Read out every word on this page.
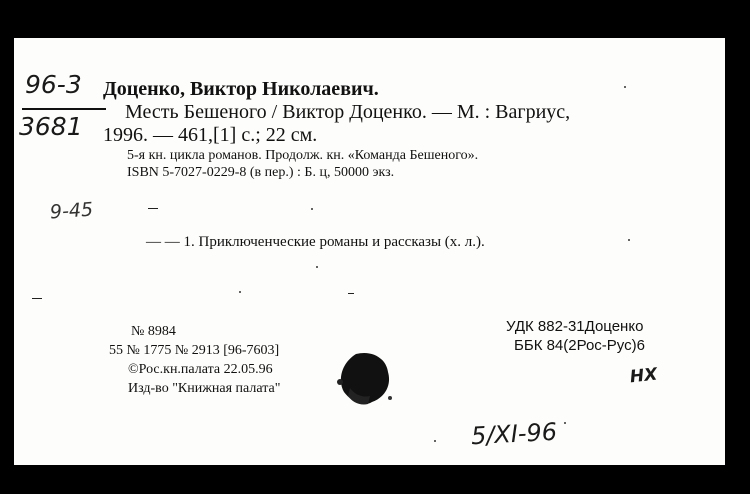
96-3
3681
Доценко, Виктор Николаевич.
Месть Бешеного / Виктор Доценко. — М. : Вагриус,
1996. — 461,[1] с.; 22 см.
5-я кн. цикла романов. Продолж. кн. «Команда Бешеного».
ISBN 5-7027-0229-8 (в пер.) : Б. ц, 50000 экз.
9-45
— — 1. Приключенческие романы и рассказы (х. л.).
№ 8984
55 № 1775 № 2913 [96-7603]
©Рос.кн.палата 22.05.96
Изд-во "Книжная палата"
УДК 882-31Доценко
ББК 84(2Рос-Рус)6
НХ
5/XI-96
